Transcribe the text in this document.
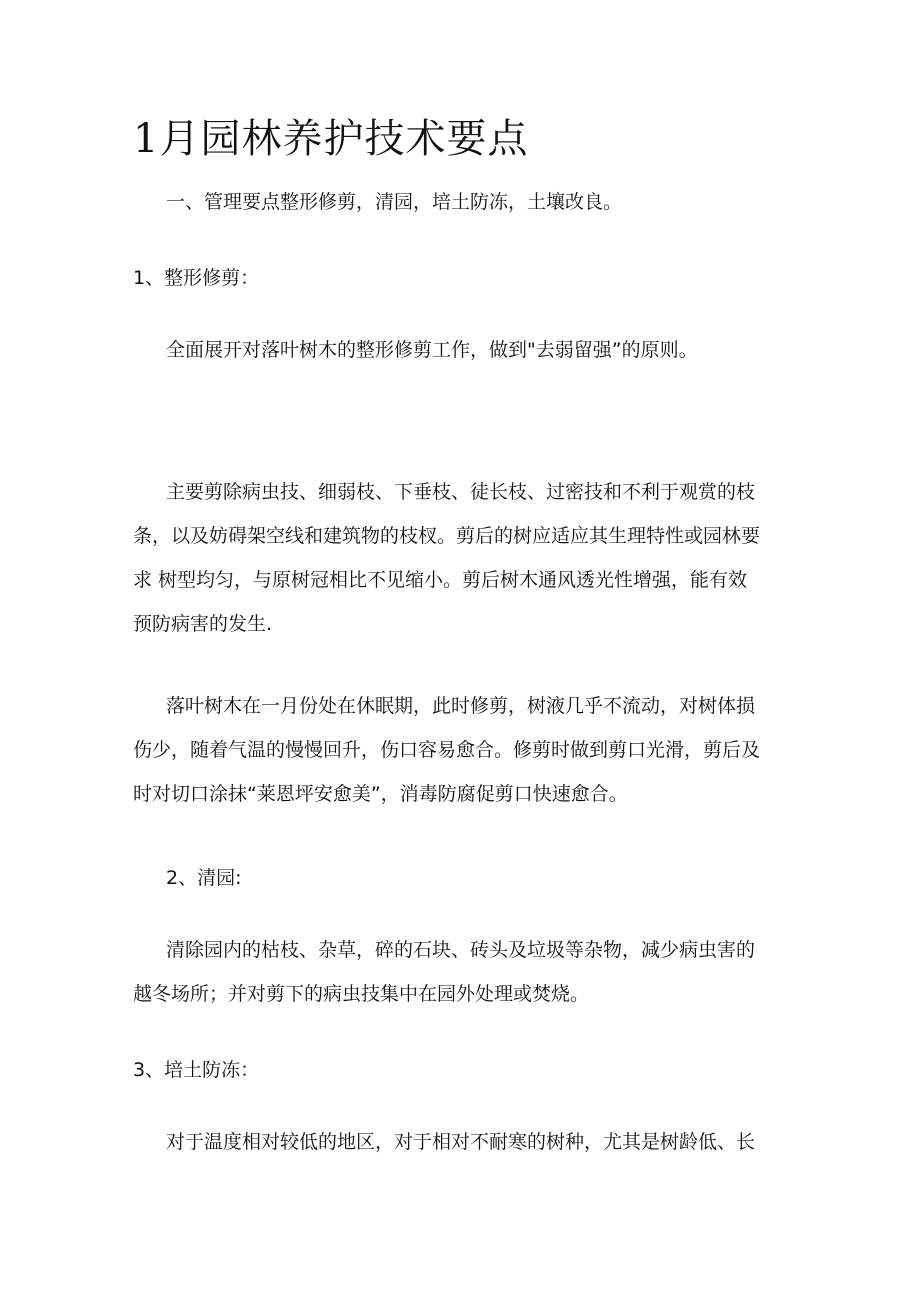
1月园林养护技术要点

一、管理要点整形修剪，清园，培土防冻，土壤改良。

1、整形修剪：

全面展开对落叶树木的整形修剪工作，做到"去弱留强”的原则。

主要剪除病虫技、细弱枝、下垂枝、徒长枝、过密技和不利于观赏的枝
条，以及妨碍架空线和建筑物的枝杈。剪后的树应适应其生理特性或园林要
求 树型均匀，与原树冠相比不见缩小。剪后树木通风透光性增强，能有效
预防病害的发生.
落叶树木在一月份处在休眠期，此时修剪，树液几乎不流动，对树体损
伤少，随着气温的慢慢回升，伤口容易愈合。修剪时做到剪口光滑，剪后及
时对切口涂抹“莱恩坪安愈美”，消毒防腐促剪口快速愈合。

2、清园:

清除园内的枯枝、杂草，碎的石块、砖头及垃圾等杂物，减少病虫害的
越冬场所；并对剪下的病虫技集中在园外处理或焚烧。

3、培土防冻：

对于温度相对较低的地区，对于相对不耐寒的树种，尤其是树龄低、长
